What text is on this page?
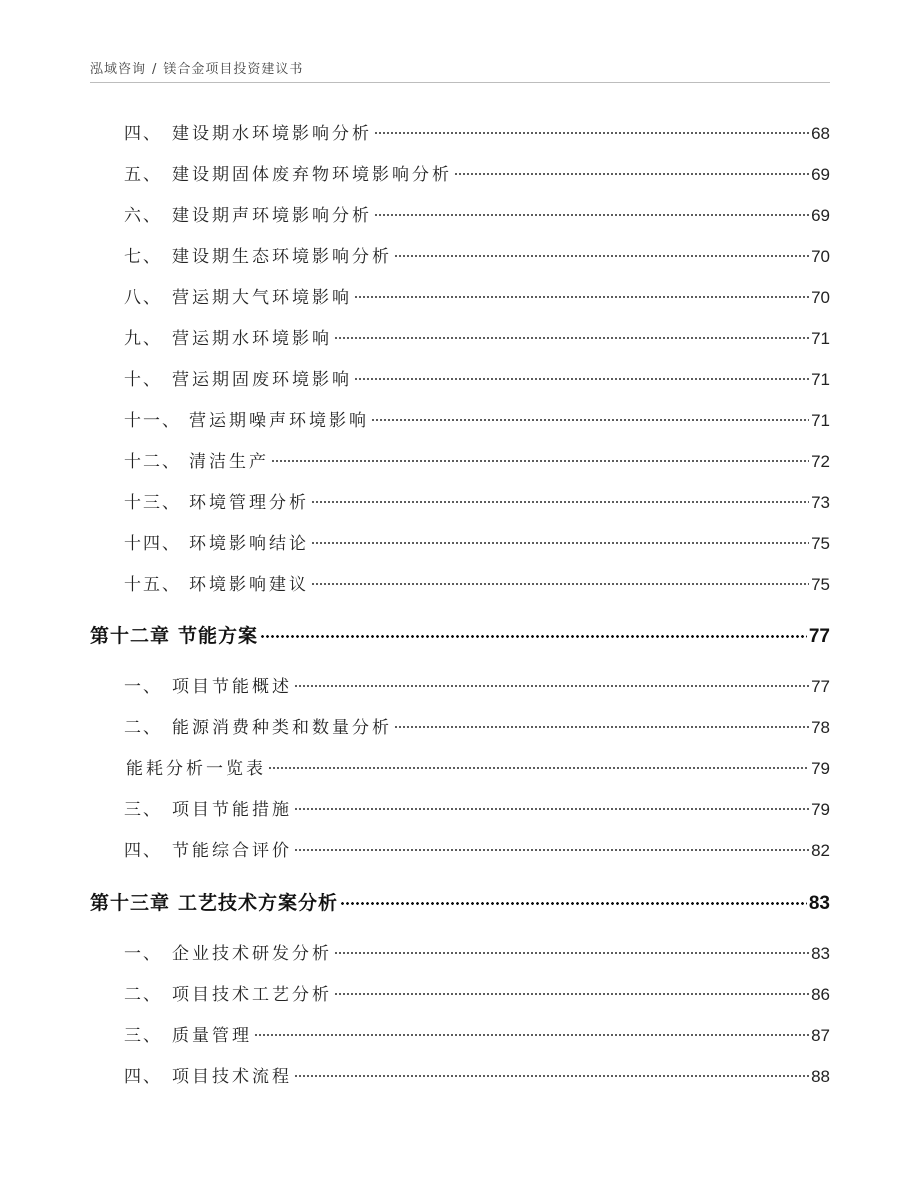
泓域咨询 / 镁合金项目投资建议书
四、 建设期水环境影响分析	68
五、 建设期固体废弃物环境影响分析	69
六、 建设期声环境影响分析	69
七、 建设期生态环境影响分析	70
八、 营运期大气环境影响	70
九、 营运期水环境影响	71
十、 营运期固废环境影响	71
十一、 营运期噪声环境影响	71
十二、 清洁生产	72
十三、 环境管理分析	73
十四、 环境影响结论	75
十五、 环境影响建议	75
第十二章 节能方案	77
一、 项目节能概述	77
二、 能源消费种类和数量分析	78
能耗分析一览表	79
三、 项目节能措施	79
四、 节能综合评价	82
第十三章 工艺技术方案分析	83
一、 企业技术研发分析	83
二、 项目技术工艺分析	86
三、 质量管理	87
四、 项目技术流程	88
